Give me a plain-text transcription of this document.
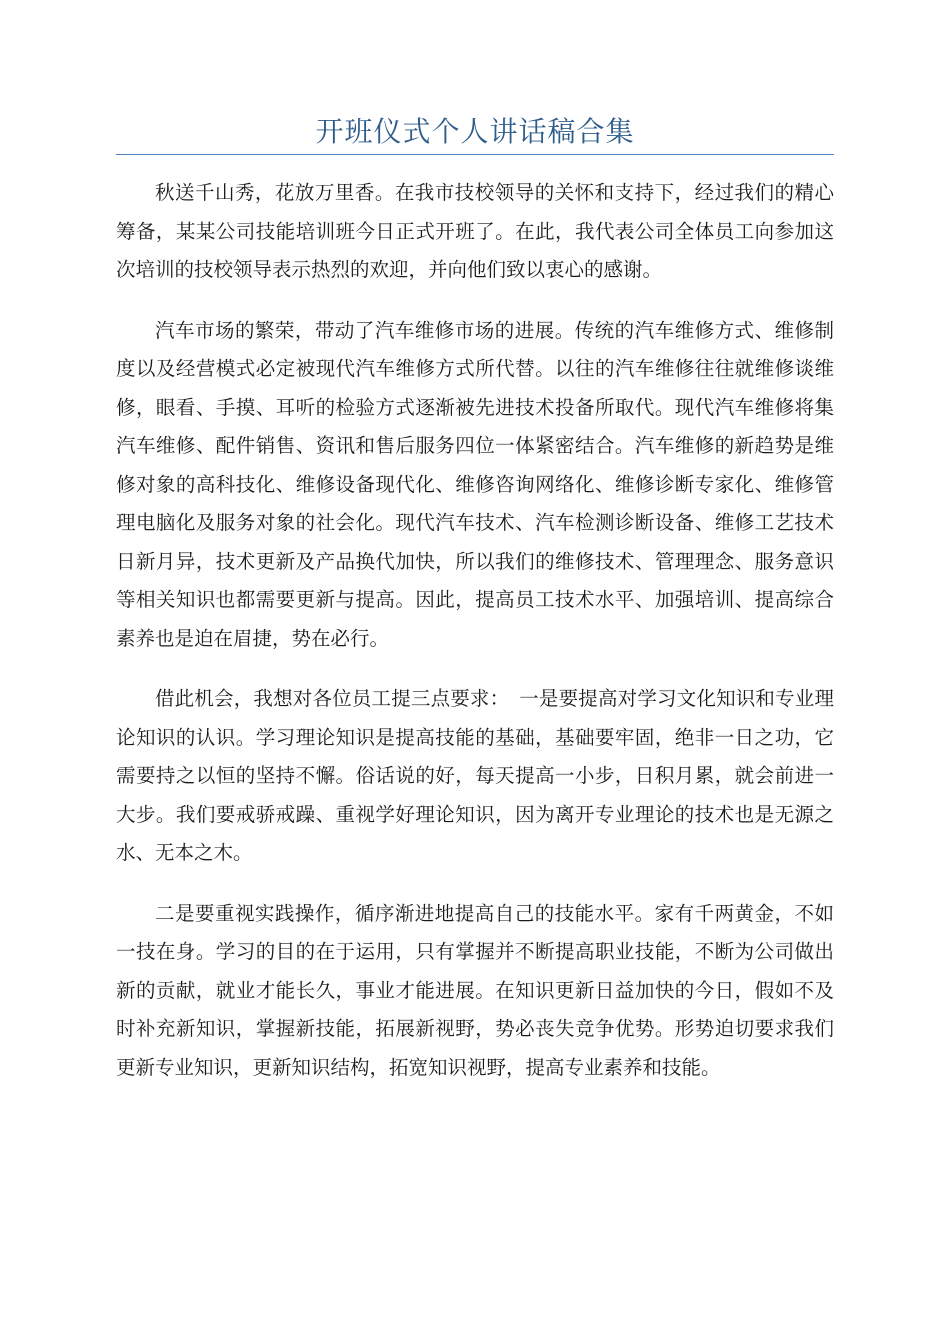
开班仪式个人讲话稿合集

秋送千山秀，花放万里香。在我市技校领导的关怀和支持下，经过我们的精心筹备，某某公司技能培训班今日正式开班了。在此，我代表公司全体员工向参加这次培训的技校领导表示热烈的欢迎，并向他们致以衷心的感谢。

汽车市场的繁荣，带动了汽车维修市场的进展。传统的汽车维修方式、维修制度以及经营模式必定被现代汽车维修方式所代替。以往的汽车维修往往就维修谈维修，眼看、手摸、耳听的检验方式逐渐被先进技术投备所取代。现代汽车维修将集汽车维修、配件销售、资讯和售后服务四位一体紧密结合。汽车维修的新趋势是维修对象的高科技化、维修设备现代化、维修咨询网络化、维修诊断专家化、维修管理电脑化及服务对象的社会化。现代汽车技术、汽车检测诊断设备、维修工艺技术日新月异，技术更新及产品换代加快，所以我们的维修技术、管理理念、服务意识等相关知识也都需要更新与提高。因此，提高员工技术水平、加强培训、提高综合素养也是迫在眉捷，势在必行。

借此机会，我想对各位员工提三点要求：　一是要提高对学习文化知识和专业理论知识的认识。学习理论知识是提高技能的基础，基础要牢固，绝非一日之功，它需要持之以恒的坚持不懈。俗话说的好，每天提高一小步，日积月累，就会前进一大步。我们要戒骄戒躁、重视学好理论知识，因为离开专业理论的技术也是无源之水、无本之木。

二是要重视实践操作，循序渐进地提高自己的技能水平。家有千两黄金，不如一技在身。学习的目的在于运用，只有掌握并不断提高职业技能，不断为公司做出新的贡献，就业才能长久，事业才能进展。在知识更新日益加快的今日，假如不及时补充新知识，掌握新技能，拓展新视野，势必丧失竞争优势。形势迫切要求我们更新专业知识，更新知识结构，拓宽知识视野，提高专业素养和技能。
